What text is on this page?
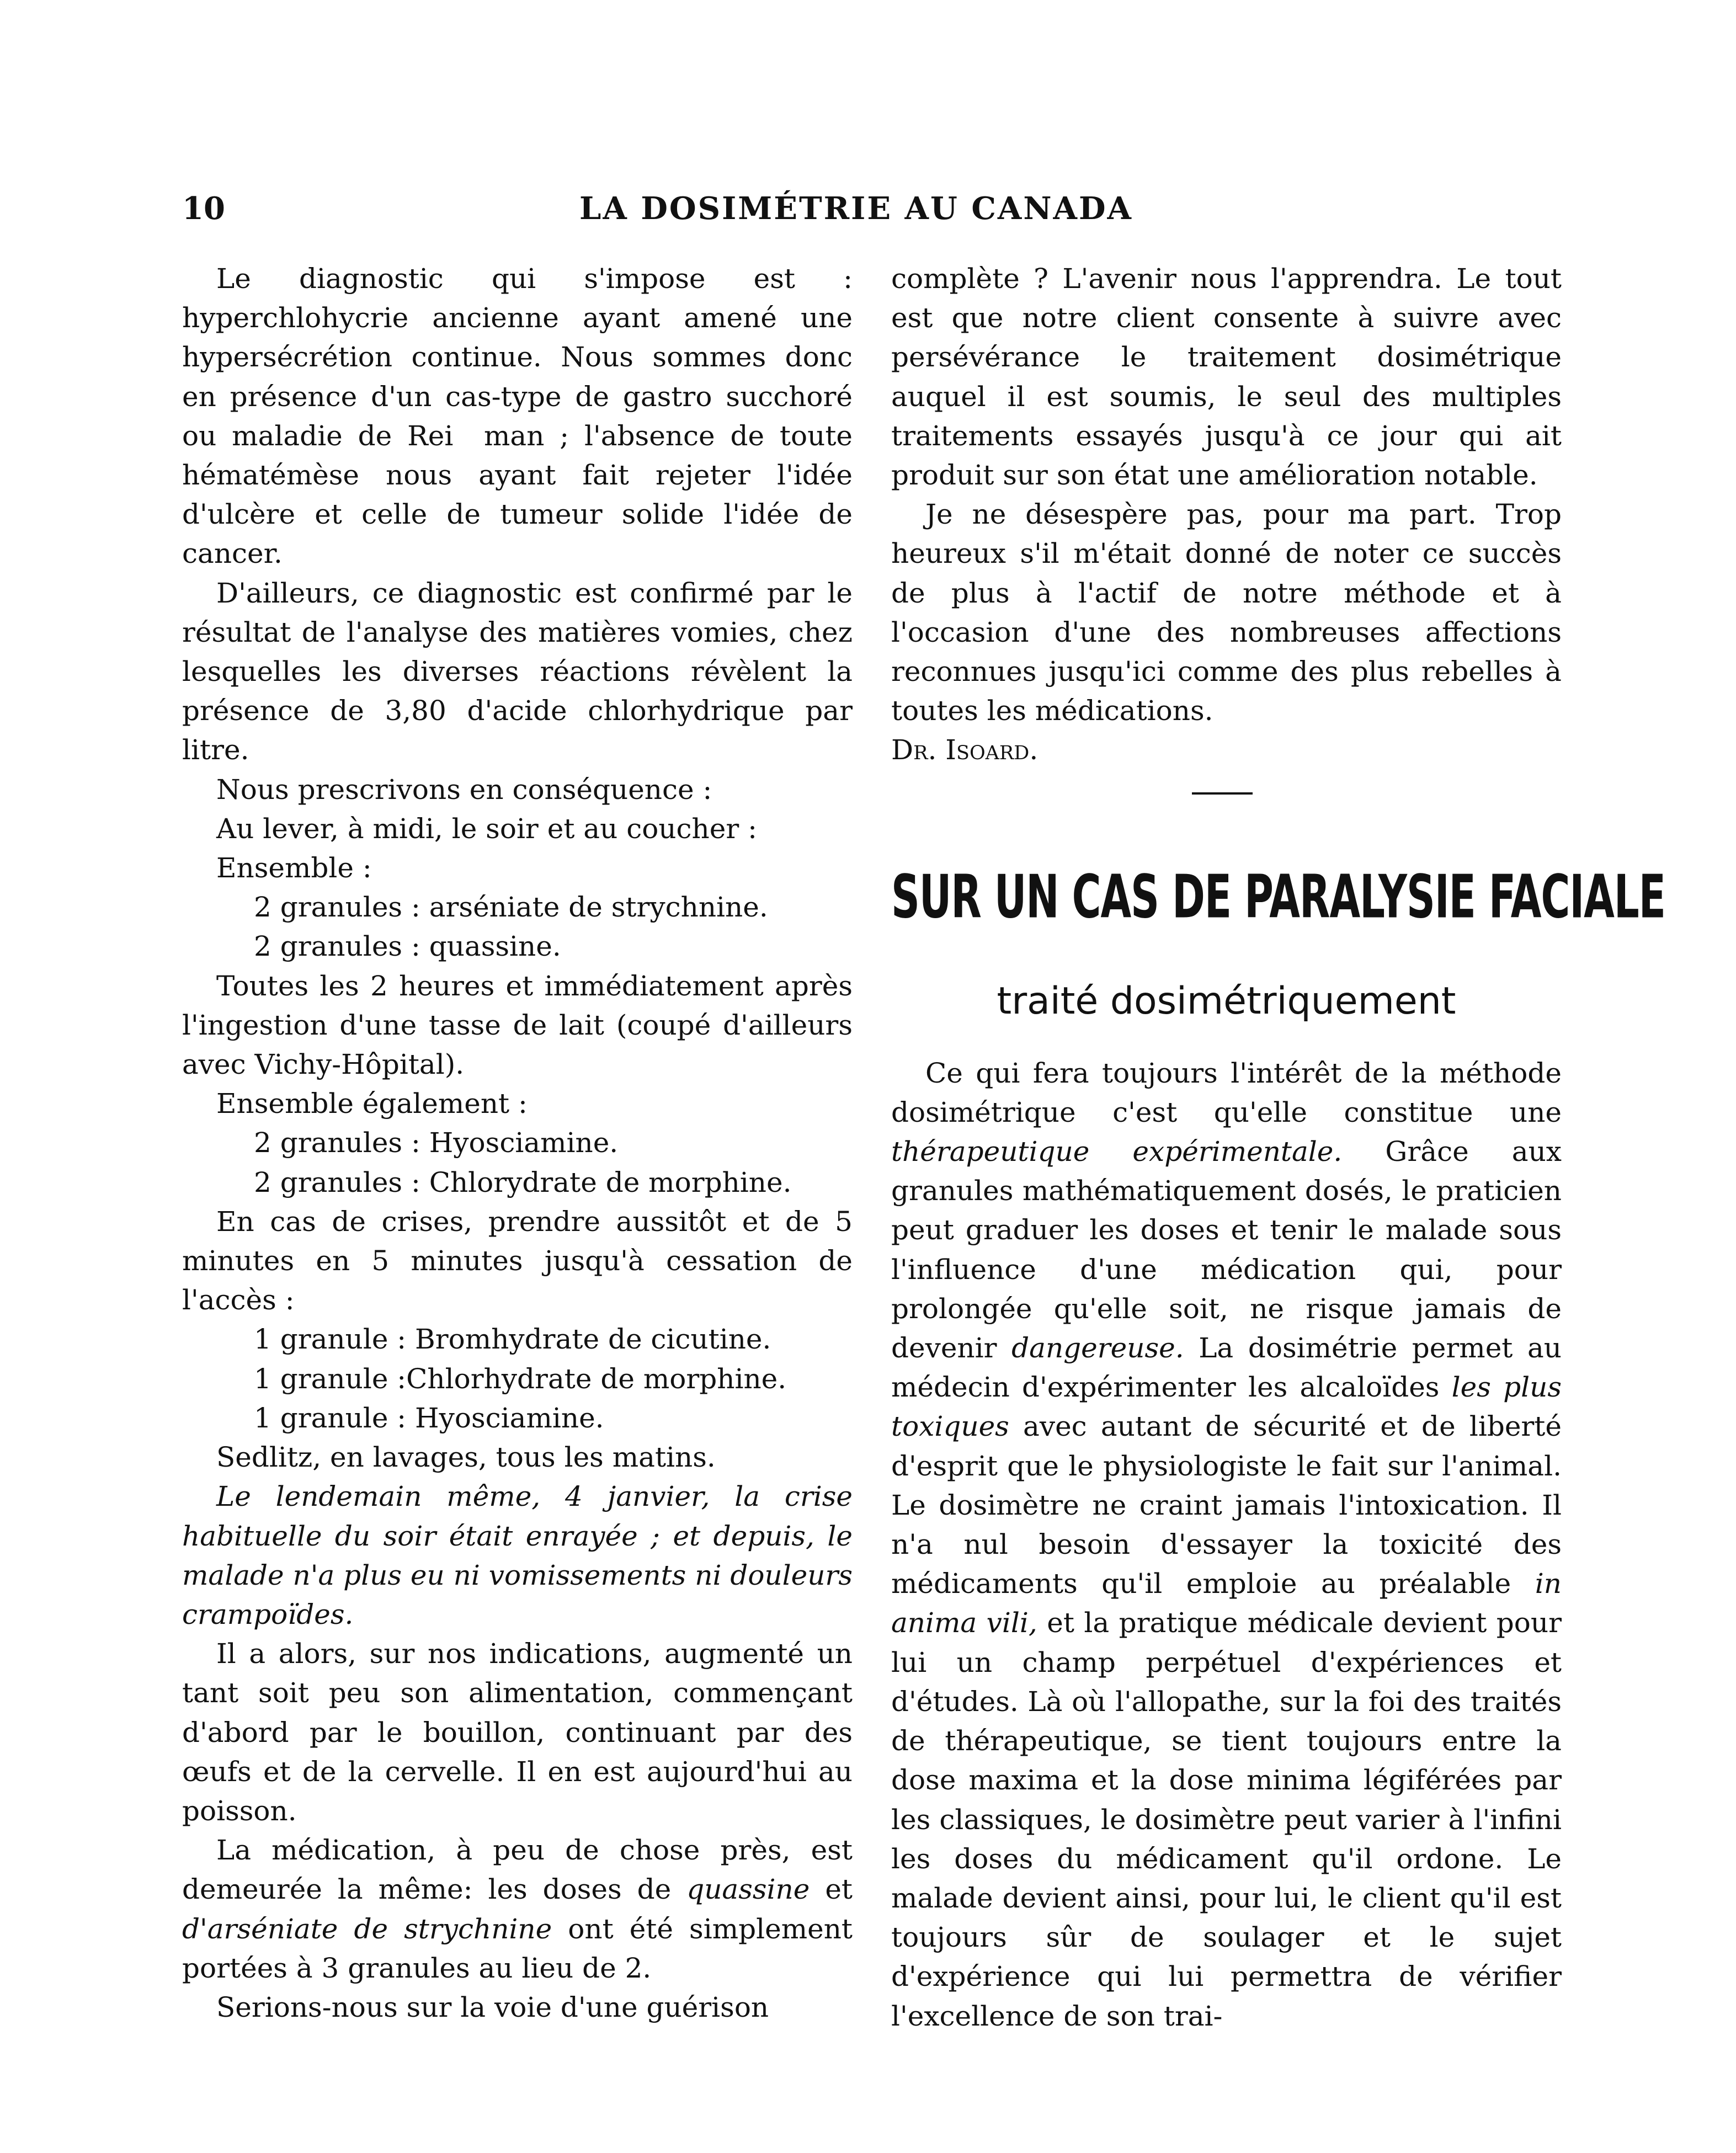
10	LA DOSIMÉTRIE AU CANADA

Le diagnostic qui s'impose est : hyperchlohycrie ancienne ayant amené une hypersécrétion continue. Nous sommes donc en présence d'un cas-type de gastro succhoré ou maladie de Rei  man ; l'absence de toute hématémèse nous ayant fait rejeter l'idée d'ulcère et celle de tumeur solide l'idée de cancer.

D'ailleurs, ce diagnostic est confirmé par le résultat de l'analyse des matières vomies, chez lesquelles les diverses réactions révèlent la présence de 3,80 d'acide chlorhydrique par litre.

Nous prescrivons en conséquence :

Au lever, à midi, le soir et au coucher :

Ensemble :

2 granules : arséniate de strychnine.

2 granules : quassine.

Toutes les 2 heures et immédiatement après l'ingestion d'une tasse de lait (coupé d'ailleurs avec Vichy-Hôpital).

Ensemble également :

2 granules : Hyosciamine.

2 granules : Chlorydrate de morphine.

En cas de crises, prendre aussitôt et de 5 minutes en 5 minutes jusqu'à cessation de l'accès :

1 granule : Bromhydrate de cicutine.

1 granule :Chlorhydrate de morphine.

1 granule : Hyosciamine.

Sedlitz, en lavages, tous les matins.

Le lendemain même, 4 janvier, la crise habituelle du soir était enrayée ; et depuis, le malade n'a plus eu ni vomissements ni douleurs crampoïdes.

Il a alors, sur nos indications, augmenté un tant soit peu son alimentation, commençant d'abord par le bouillon, continuant par des œufs et de la cervelle. Il en est aujourd'hui au poisson.

La médication, à peu de chose près, est demeurée la même: les doses de quassine et d'arséniate de strychnine ont été simplement portées à 3 granules au lieu de 2.

Serions-nous sur la voie d'une guérison

complète ? L'avenir nous l'apprendra. Le tout est que notre client consente à suivre avec persévérance le traitement dosimétrique auquel il est soumis, le seul des multiples traitements essayés jusqu'à ce jour qui ait produit sur son état une amélioration notable.

Je ne désespère pas, pour ma part. Trop heureux s'il m'était donné de noter ce succès de plus à l'actif de notre méthode et à l'occasion d'une des nombreuses affections reconnues jusqu'ici comme des plus rebelles à toutes les médications.

Dr. Isoard.

SUR UN CAS DE PARALYSIE FACIALE
traité dosimétriquement

Ce qui fera toujours l'intérêt de la méthode dosimétrique c'est qu'elle constitue une thérapeutique expérimentale. Grâce aux granules mathématiquement dosés, le praticien peut graduer les doses et tenir le malade sous l'influence d'une médication qui, pour prolongée qu'elle soit, ne risque jamais de devenir dangereuse. La dosimétrie permet au médecin d'expérimenter les alcaloïdes les plus toxiques avec autant de sécurité et de liberté d'esprit que le physiologiste le fait sur l'animal. Le dosimètre ne craint jamais l'intoxication. Il n'a nul besoin d'essayer la toxicité des médicaments qu'il emploie au préalable in anima vili, et la pratique médicale devient pour lui un champ perpétuel d'expériences et d'études. Là où l'allopathe, sur la foi des traités de thérapeutique, se tient toujours entre la dose maxima et la dose minima légiférées par les classiques, le dosimètre peut varier à l'infini les doses du médicament qu'il ordone. Le malade devient ainsi, pour lui, le client qu'il est toujours sûr de soulager et le sujet d'expérience qui lui permettra de vérifier l'excellence de son trai-
